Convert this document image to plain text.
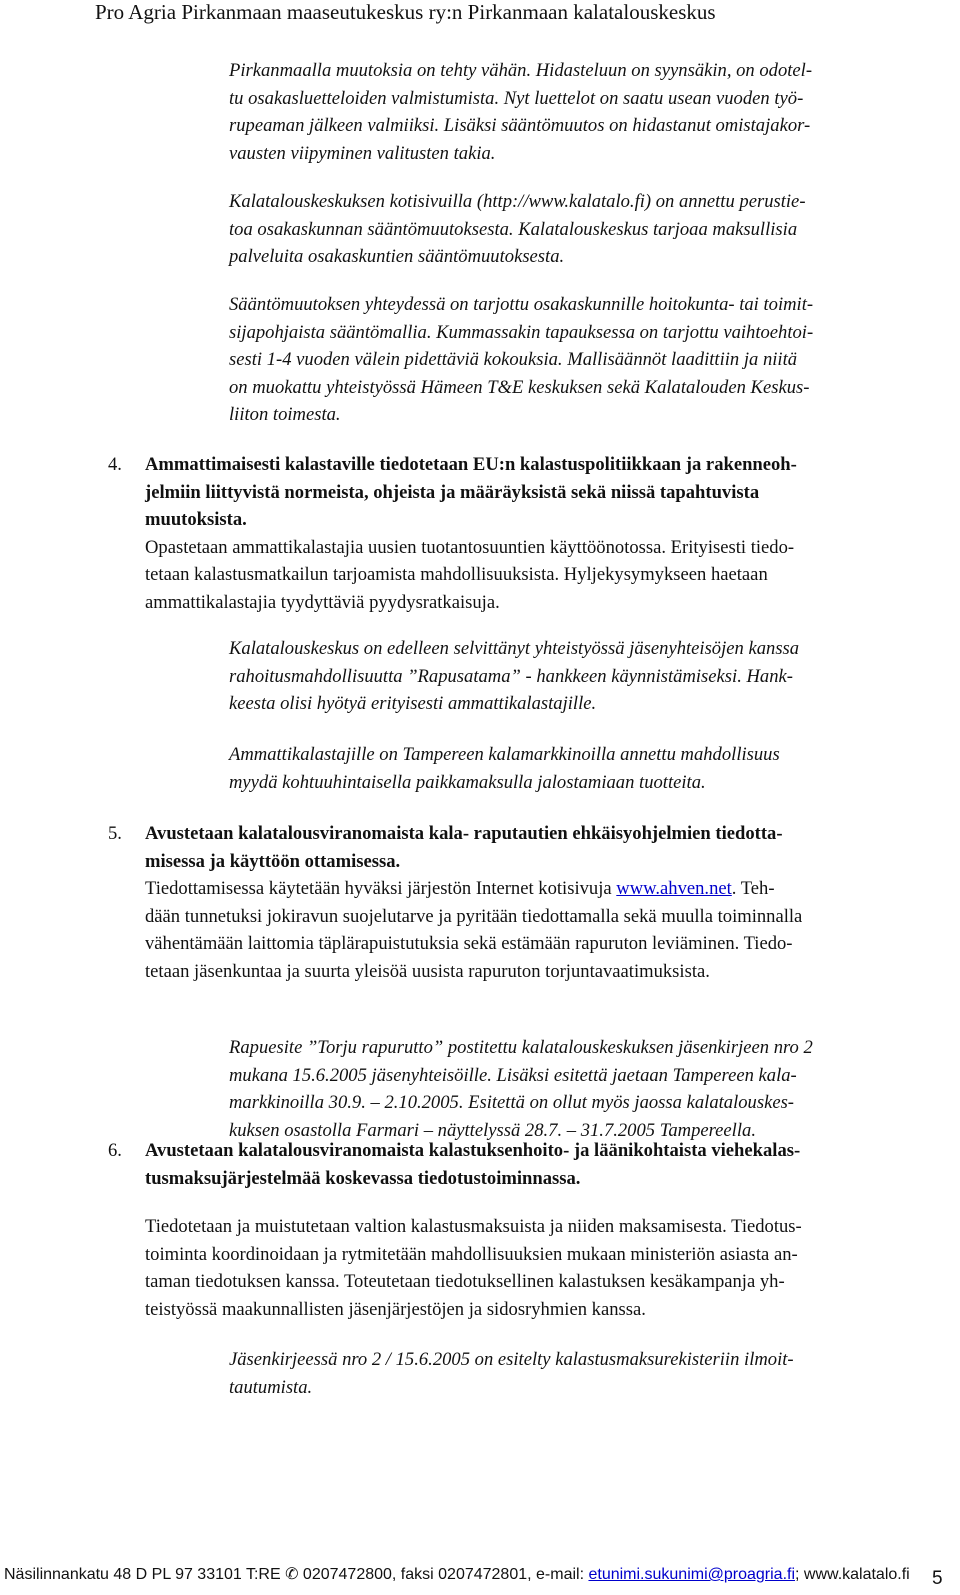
Pro Agria Pirkanmaan maaseutukeskus ry:n Pirkanmaan kalatalouskeskus
Pirkanmaalla muutoksia on tehty vähän. Hidasteluun on syynsäkin, on odotel-
tu osakasluetteloiden valmistumista. Nyt luettelot on saatu usean vuoden työ-
rupeaman jälkeen valmiiksi. Lisäksi sääntömuutos on hidastanut omistajakor-
vausten viipyminen valitusten takia.
Kalatalouskeskuksen kotisivuilla (http://www.kalatalo.fi) on annettu perustie-
toa osakaskunnan sääntömuutoksesta. Kalatalouskeskus tarjoaa maksullisia
palveluita osakaskuntien sääntömuutoksesta.
Sääntömuutoksen yhteydessä on tarjottu osakaskunnille hoitokunta- tai toimit-
sijapohjaista sääntömallia. Kummassakin tapauksessa on tarjottu vaihtoehtoi-
sesti 1-4 vuoden välein pidettäviä kokouksia. Mallisäännöt laadittiin ja niitä
on muokattu yhteistyössä Hämeen T&E keskuksen sekä Kalatalouden Keskus-
liiton toimesta.
4. Ammattimaisesti kalastaville tiedotetaan EU:n kalastuspolitiikkaan ja rakenneoh-
jelmiin liittyvistä normeista, ohjeista ja määräyksistä sekä niissä tapahtuvista
muutoksista.
Opastetaan ammattikalastajia uusien tuotantosuuntien käyttöönotossa. Erityisesti tiedo-
tetaan kalastusmatkailun tarjoamista mahdollisuuksista. Hyljekysymykseen haetaan
ammattikalastajia tyydyttäviä pyydysratkaisuja.
Kalatalouskeskus on edelleen selvittänyt yhteistyössä jäsenyhteisöjen kanssa
rahoitusmahdollisuutta ”Rapusatama” - hankkeen käynnistämiseksi. Hank-
keesta olisi hyötyä erityisesti ammattikalastajille.
Ammattikalastajille on Tampereen kalamarkkinoilla annettu mahdollisuus
myydä kohtuuhintaisella paikkamaksulla jalostamiaan tuotteita.
5. Avustetaan kalatalousviranomaista kala- raputautien ehkäisyohjelmien tiedotta-
misessa ja käyttöön ottamisessa.
Tiedottamisessa käytetään hyväksi järjestön Internet kotisivuja www.ahven.net. Teh-
dään tunnetuksi jokiravun suojelutarve ja pyritään tiedottamalla sekä muulla toiminnalla
vähentämään laittomia täplärapuistutuksia sekä estämään rapuruton leviäminen. Tiedo-
tetaan jäsenkuntaa ja suurta yleisöä uusista rapuruton torjuntavaatimuksista.
Rapuesite ”Torju rapurutto” postitettu kalatalouskeskuksen jäsenkirjeen nro 2
mukana 15.6.2005 jäsenyhteisöille. Lisäksi esitettä jaetaan Tampereen kala-
markkinoilla 30.9. – 2.10.2005. Esitettä on ollut myös jaossa kalatalouskes-
kuksen osastolla Farmari – näyttelyssä 28.7. – 31.7.2005 Tampereella.
6. Avustetaan kalatalousviranomaista kalastuksenhoito- ja läänikohtaista viehekalas-
tusmaksujärjestelmää koskevassa tiedotustoiminnassa.
Tiedotetaan ja muistutetaan valtion kalastusmaksuista ja niiden maksamisesta. Tiedotus-
toiminta koordinoidaan ja rytmitetään mahdollisuuksien mukaan ministeriön asiasta an-
taman tiedotuksen kanssa. Toteutetaan tiedotuksellinen kalastuksen kesäkampanja yh-
teistyössä maakunnallisten jäsenjärjestöjen ja sidosryhmien kanssa.
Jäsenkirjeessä nro 2 / 15.6.2005 on esitelty kalastusmaksurekisteriin ilmoit-
tautumista.
Näsilinnankatu 48 D PL 97 33101 T:RE ✆ 0207472800, faksi 0207472801, e-mail: etunimi.sukunimi@proagria.fi; www.kalatalo.fi 5
